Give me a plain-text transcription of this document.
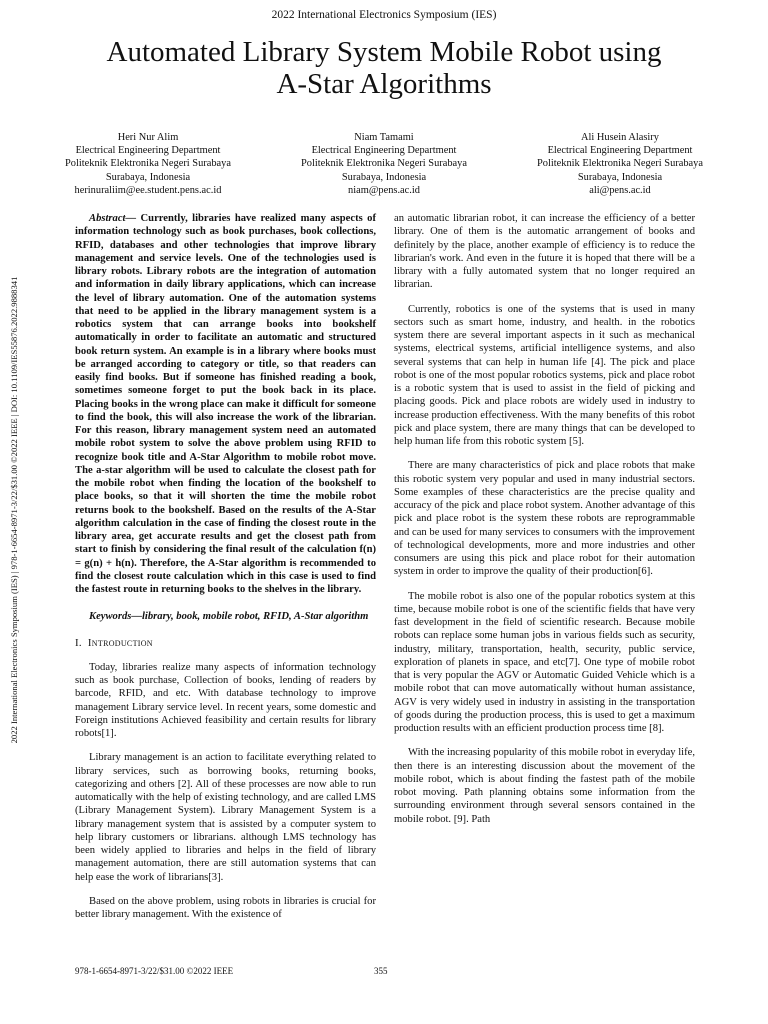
2022 International Electronics Symposium (IES)
Automated Library System Mobile Robot using
A-Star Algorithms
Heri Nur Alim
Electrical Engineering Department
Politeknik Elektronika Negeri Surabaya
Surabaya, Indonesia
herinuraliim@ee.student.pens.ac.id
Niam Tamami
Electrical Engineering Department
Politeknik Elektronika Negeri Surabaya
Surabaya, Indonesia
niam@pens.ac.id
Ali Husein Alasiry
Electrical Engineering Department
Politeknik Elektronika Negeri Surabaya
Surabaya, Indonesia
ali@pens.ac.id
2022 International Electronics Symposium (IES) | 978-1-6654-8971-3/22/$31.00 ©2022 IEEE | DOI: 10.1109/IES55876.2022.9888341

Abstract— Currently, libraries have realized many aspects of information technology such as book purchases, book collections, RFID, databases and other technologies that improve library management and service levels. One of the technologies used is library robots. Library robots are the integration of automation and information in daily library applications, which can increase the level of library automation. One of the automation systems that need to be applied in the library management system is a robotics system that can arrange books into bookshelf automatically in order to facilitate an automatic and structured book return system. An example is in a library where books must be arranged according to category or title, so that readers can easily find books. But if someone has finished reading a book, sometimes someone forget to put the book back in its place. Placing books in the wrong place can make it difficult for someone to find the book, this will also increase the work of the librarian. For this reason, library management system need an automated mobile robot system to solve the above problem using RFID to recognize book title and A-Star Algorithm to mobile robot move. The a-star algorithm will be used to calculate the closest path for the mobile robot when finding the location of the bookshelf to place books, so that it will shorten the time the mobile robot returns book to the bookshelf. Based on the results of the A-Star algorithm calculation in the case of finding the closest route in the library area, get accurate results and get the closest path from start to finish by considering the final result of the calculation f(n) = g(n) + h(n). Therefore, the A-Star algorithm is recommended to find the closest route calculation which in this case is used to find the fastest route in returning books to the shelves in the library.

Keywords—library, book, mobile robot, RFID, A-Star algorithm

I. Introduction

Today, libraries realize many aspects of information technology such as book purchase, Collection of books, lending of readers by barcode, RFID, and etc. With database technology to improve management Library service level. In recent years, some domestic and Foreign institutions Achieved feasibility and certain results for library robots[1].

Library management is an action to facilitate everything related to library services, such as borrowing books, returning books, categorizing and others [2]. All of these processes are now able to run automatically with the help of existing technology, and are called LMS (Library Management System). Library Management System is a library management system that is assisted by a computer system to help library customers or librarians. although LMS technology has been widely applied to libraries and helps in the field of library management automation, there are still automation systems that can help ease the work of librarians[3].

Based on the above problem, using robots in libraries is crucial for better library management. With the existence of

an automatic librarian robot, it can increase the efficiency of a better library. One of them is the automatic arrangement of books and definitely by the place, another example of efficiency is to reduce the librarian's work. And even in the future it is hoped that there will be a library with a fully automated system that no longer required an librarian.

Currently, robotics is one of the systems that is used in many sectors such as smart home, industry, and health. in the robotics system there are several important aspects in it such as mechanical systems, electrical systems, artificial intelligence systems, and also several systems that can help in human life [4]. The pick and place robot is one of the most popular robotics systems, pick and place robot is a robotic system that is used to assist in the field of picking and placing goods. Pick and place robots are widely used in industry to increase production effectiveness. With the many benefits of this robot pick and place system, there are many things that can be developed to help human life from this robotic system [5].

There are many characteristics of pick and place robots that make this robotic system very popular and used in many industrial sectors. Some examples of these characteristics are the precise quality and accuracy of the pick and place robot system. Another advantage of this pick and place robot is the system these robots are reprogrammable and can be used for many services to consumers with the improvement of technological developments, more and more industries and other consumers are using this pick and place robot for their automation system in order to improve the quality of their production[6].

The mobile robot is also one of the popular robotics system at this time, because mobile robot is one of the scientific fields that have very fast development in the field of scientific research. Because mobile robots can replace some human jobs in various fields such as security, industry, military, transportation, health, security, public service, exploration of planets in space, and etc[7]. One type of mobile robot that is very popular the AGV or Automatic Guided Vehicle which is a mobile robot that can move automatically without human assistance, AGV is very widely used in industry in assisting in the transportation of goods during the production process, this is used to get a maximum production results with an efficient production process time [8].

With the increasing popularity of this mobile robot in everyday life, then there is an interesting discussion about the movement of the mobile robot, which is about finding the fastest path of the mobile robot moving. Path planning obtains some information from the surrounding environment through several sensors contained in the mobile robot. [9]. Path

978-1-6654-8971-3/22/$31.00 ©2022 IEEE	355
